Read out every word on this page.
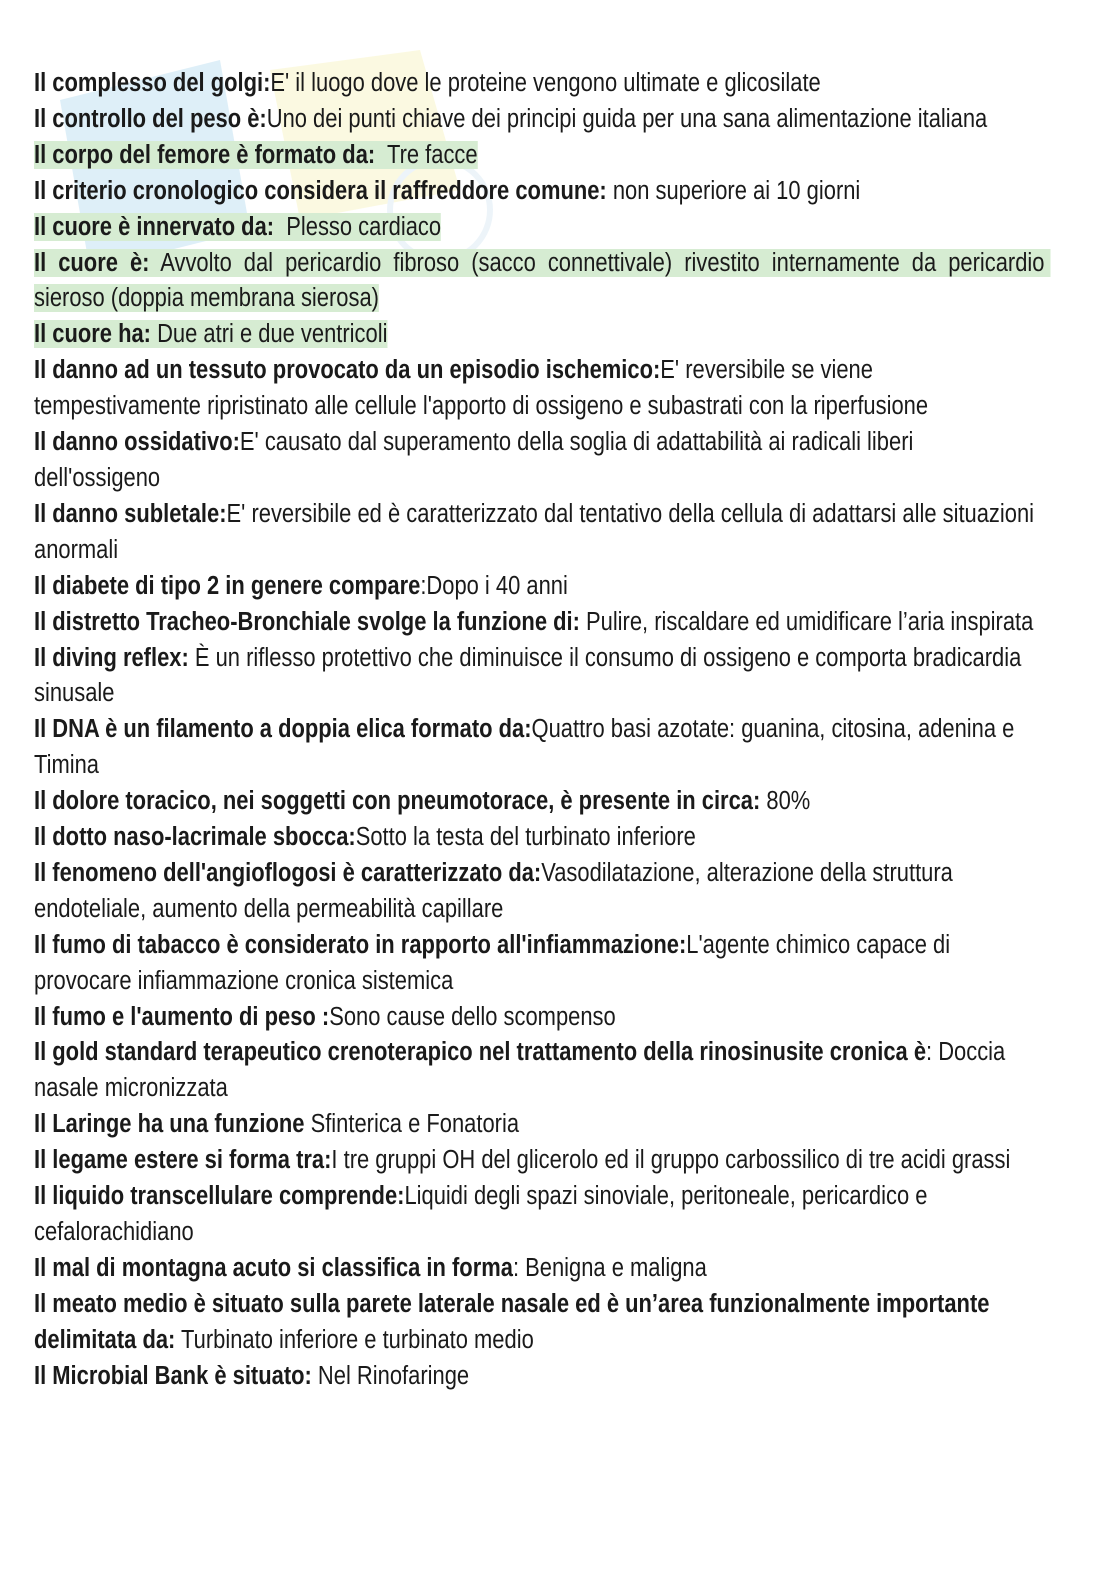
Il complesso del golgi:E' il luogo dove le proteine vengono ultimate e glicosilate

Il controllo del peso è:Uno dei punti chiave dei principi guida per una sana alimentazione italiana

Il corpo del femore è formato da:  Tre facce

Il criterio cronologico considera il raffreddore comune: non superiore ai 10 giorni

Il cuore è innervato da:  Plesso cardiaco

Il cuore è: Avvolto dal pericardio fibroso (sacco connettivale) rivestito internamente da pericardio sieroso (doppia membrana sierosa)

Il cuore ha: Due atri e due ventricoli

Il danno ad un tessuto provocato da un episodio ischemico:E' reversibile se viene tempestivamente ripristinato alle cellule l'apporto di ossigeno e subastrati con la riperfusione

Il danno ossidativo:E' causato dal superamento della soglia di adattabilità ai radicali liberi dell'ossigeno

Il danno subletale:E' reversibile ed è caratterizzato dal tentativo della cellula di adattarsi alle situazioni anormali

Il diabete di tipo 2 in genere compare:Dopo i 40 anni

Il distretto Tracheo-Bronchiale svolge la funzione di: Pulire, riscaldare ed umidificare l’aria inspirata

Il diving reflex: È un riflesso protettivo che diminuisce il consumo di ossigeno e comporta bradicardia sinusale

Il DNA è un filamento a doppia elica formato da:Quattro basi azotate: guanina, citosina, adenina e Timina

Il dolore toracico, nei soggetti con pneumotorace, è presente in circa: 80%

Il dotto naso-lacrimale sbocca:Sotto la testa del turbinato inferiore

Il fenomeno dell'angioflogosi è caratterizzato da:Vasodilatazione, alterazione della struttura endoteliale, aumento della permeabilità capillare

Il fumo di tabacco è considerato in rapporto all'infiammazione:L'agente chimico capace di provocare infiammazione cronica sistemica

Il fumo e l'aumento di peso :Sono cause dello scompenso

Il gold standard terapeutico crenoterapico nel trattamento della rinosinusite cronica è: Doccia nasale micronizzata

Il Laringe ha una funzione Sfinterica e Fonatoria

Il legame estere si forma tra:I tre gruppi OH del glicerolo ed il gruppo carbossilico di tre acidi grassi

Il liquido transcellulare comprende:Liquidi degli spazi sinoviale, peritoneale, pericardico e cefalorachidiano

Il mal di montagna acuto si classifica in forma: Benigna e maligna

Il meato medio è situato sulla parete laterale nasale ed è un’area funzionalmente importante delimitata da: Turbinato inferiore e turbinato medio

Il Microbial Bank è situato: Nel Rinofaringe
